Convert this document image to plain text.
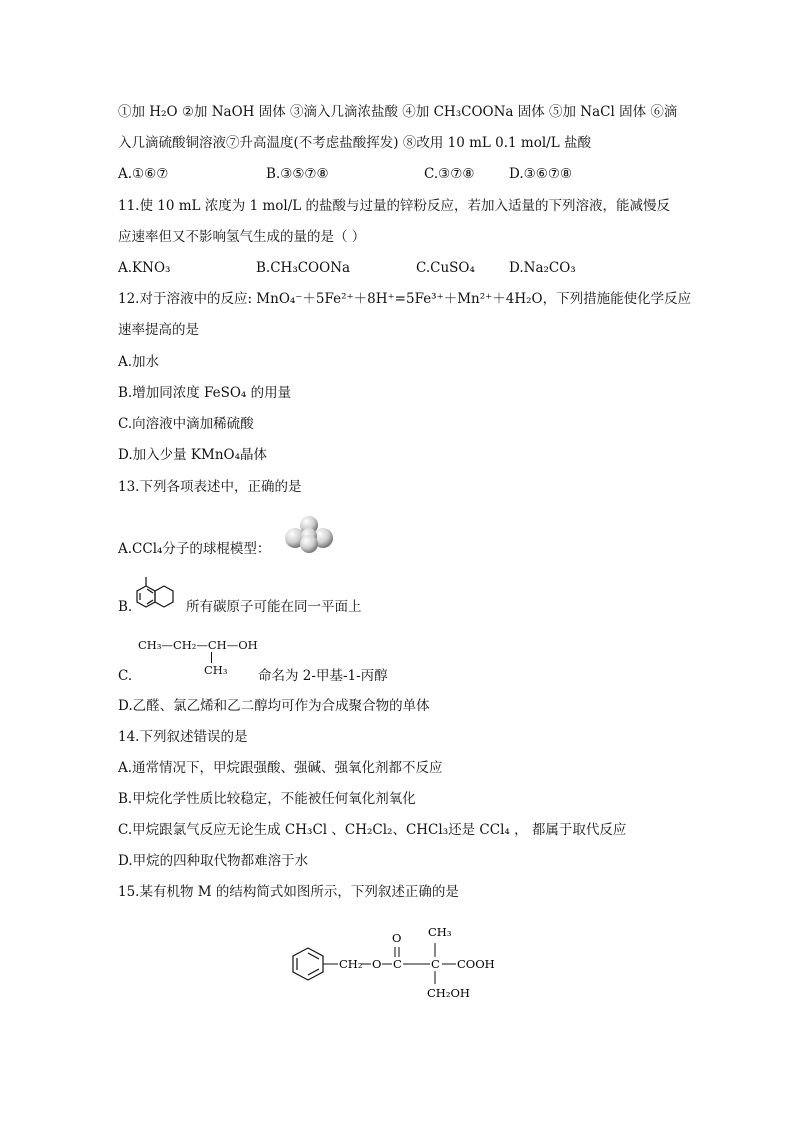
①加 H₂O ②加 NaOH 固体 ③滴入几滴浓盐酸 ④加 CH₃COONa 固体 ⑤加 NaCl 固体 ⑥滴
入几滴硫酸铜溶液⑦升高温度(不考虑盐酸挥发) ⑧改用 10 mL 0.1 mol/L 盐酸
A.①⑥⑦	B.③⑤⑦⑧	C.③⑦⑧	D.③⑥⑦⑧
11.使 10 mL 浓度为 1 mol/L 的盐酸与过量的锌粉反应，若加入适量的下列溶液，能减慢反
应速率但又不影响氢气生成的量的是（ ）
A.KNO₃	B.CH₃COONa	C.CuSO₄	D.Na₂CO₃
12.对于溶液中的反应: MnO₄⁻＋5Fe²⁺＋8H⁺=5Fe³⁺＋Mn²⁺＋4H₂O，下列措施能使化学反应
速率提高的是
A.加水
B.增加同浓度 FeSO₄ 的用量
C.向溶液中滴加稀硫酸
D.加入少量 KMnO₄晶体
13.下列各项表述中，正确的是
A.CCl₄分子的球棍模型：
B.	所有碳原子可能在同一平面上
CH₃—CH₂—CH—OH
CH₃
C.	命名为 2-甲基-1-丙醇
D.乙醛、氯乙烯和乙二醇均可作为合成聚合物的单体
14.下列叙述错误的是
A.通常情况下，甲烷跟强酸、强碱、强氧化剂都不反应
B.甲烷化学性质比较稳定，不能被任何氧化剂氧化
C.甲烷跟氯气反应无论生成 CH₃Cl 、CH₂Cl₂、CHCl₃还是 CCl₄ ， 都属于取代反应
D.甲烷的四种取代物都难溶于水
15.某有机物 M 的结构简式如图所示，下列叙述正确的是
CH₂ O C
O
C
CH₃
COOH
CH₂OH
